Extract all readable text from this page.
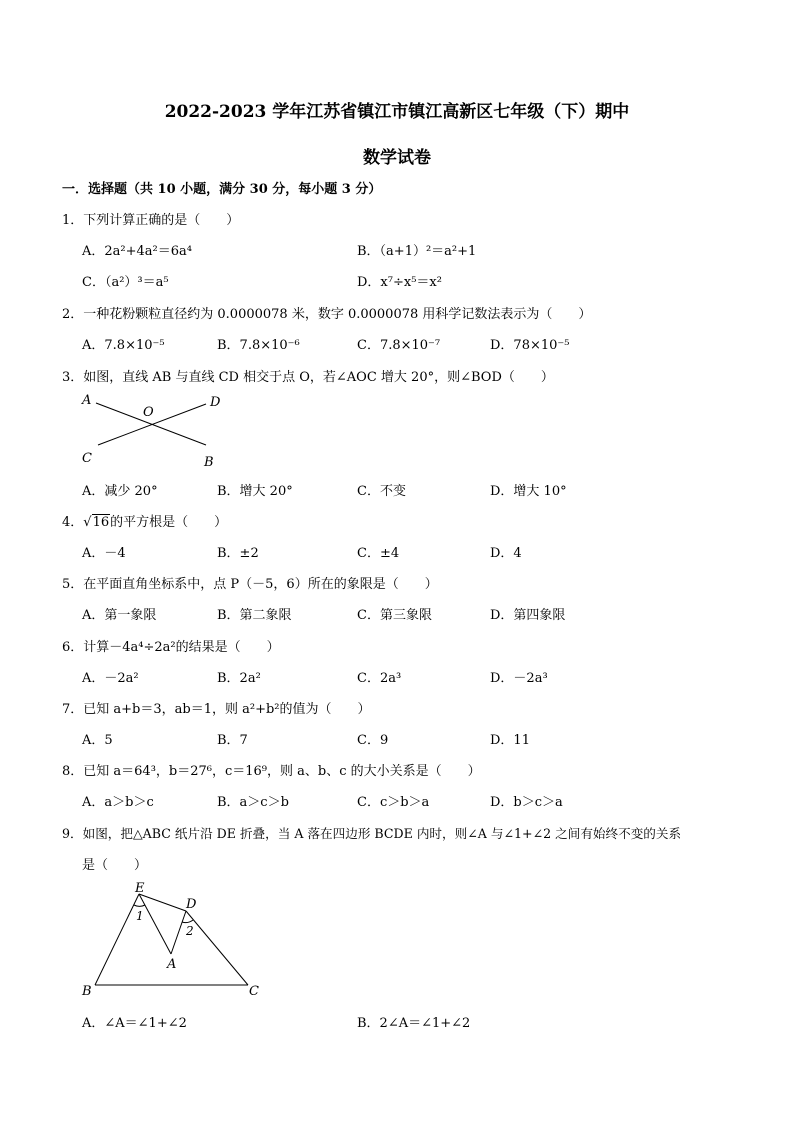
2022-2023 学年江苏省镇江市镇江高新区七年级（下）期中
数学试卷
一．选择题（共 10 小题，满分 30 分，每小题 3 分）
1．下列计算正确的是（　　）
A．2a²+4a²＝6a⁴	B．（a+1）²＝a²+1
C．（a²）³＝a⁵	D．x⁷÷x⁵＝x²
2．一种花粉颗粒直径约为 0.0000078 米，数字 0.0000078 用科学记数法表示为（　　）
A．7.8×10⁻⁵	B．7.8×10⁻⁶	C．7.8×10⁻⁷	D．78×10⁻⁵
3．如图，直线 AB 与直线 CD 相交于点 O，若∠AOC 增大 20°，则∠BOD（　　）
A
O
D
C	B
A．减少 20°	B．增大 20°	C．不变	D．增大 10°
4．√16的平方根是（　　）
A．－4	B．±2	C．±4	D．4
5．在平面直角坐标系中，点 P（－5，6）所在的象限是（　　）
A．第一象限	B．第二象限	C．第三象限	D．第四象限
6．计算－4a⁴÷2a²的结果是（　　）
A．－2a²	B．2a²	C．2a³	D．－2a³
7．已知 a+b＝3，ab＝1，则 a²+b²的值为（　　）
A．5	B．7	C．9	D．11
8．已知 a＝64³，b＝27⁶，c＝16⁹，则 a、b、c 的大小关系是（　　）
A．a＞b＞c	B．a＞c＞b	C．c＞b＞a	D．b＞c＞a
9．如图，把△ABC 纸片沿 DE 折叠，当 A 落在四边形 BCDE 内时，则∠A 与∠1+∠2 之间有始终不变的关系
是（　　）
E
D
1
2
A
B	C
A．∠A＝∠1+∠2	B．2∠A＝∠1+∠2
